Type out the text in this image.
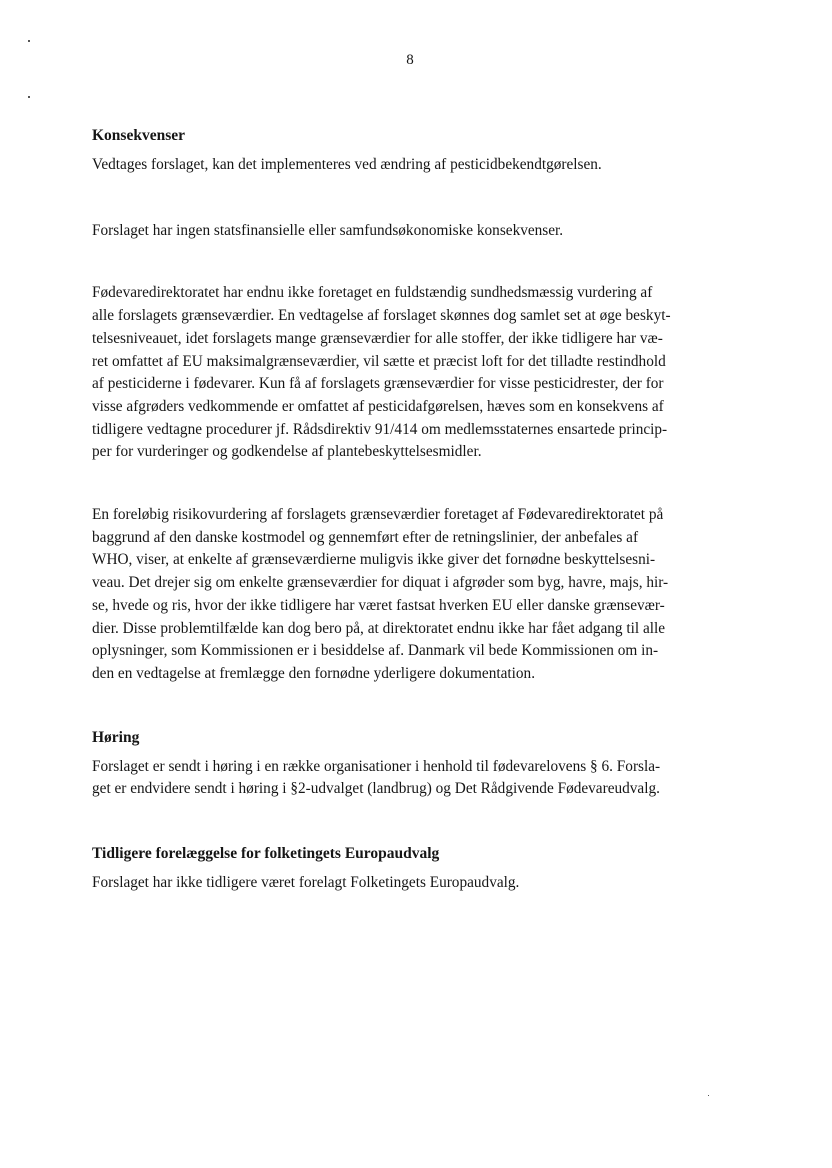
8
Konsekvenser

Vedtages forslaget, kan det implementeres ved ændring af pesticidbekendtgørelsen.

Forslaget har ingen statsfinansielle eller samfundsøkonomiske konsekvenser.

Fødevaredirektoratet har endnu ikke foretaget en fuldstændig sundhedsmæssig vurdering af
alle forslagets grænseværdier. En vedtagelse af forslaget skønnes dog samlet set at øge beskyt-
telsesniveauet, idet forslagets mange grænseværdier for alle stoffer, der ikke tidligere har væ-
ret omfattet af EU maksimalgrænseværdier, vil sætte et præcist loft for det tilladte restindhold
af pesticiderne i fødevarer. Kun få af forslagets grænseværdier for visse pesticidrester, der for
visse afgrøders vedkommende er omfattet af pesticidafgørelsen, hæves som en konsekvens af
tidligere vedtagne procedurer jf. Rådsdirektiv 91/414 om medlemsstaternes ensartede princip-
per for vurderinger og godkendelse af plantebeskyttelsesmidler.

En foreløbig risikovurdering af forslagets grænseværdier foretaget af Fødevaredirektoratet på
baggrund af den danske kostmodel og gennemført efter de retningslinier, der anbefales af
WHO, viser, at enkelte af grænseværdierne muligvis ikke giver det fornødne beskyttelsesni-
veau. Det drejer sig om enkelte grænseværdier for diquat i afgrøder som byg, havre, majs, hir-
se, hvede og ris, hvor der ikke tidligere har været fastsat hverken EU eller danske grænsevær-
dier. Disse problemtilfælde kan dog bero på, at direktoratet endnu ikke har fået adgang til alle
oplysninger, som Kommissionen er i besiddelse af. Danmark vil bede Kommissionen om in-
den en vedtagelse at fremlægge den fornødne yderligere dokumentation.

Høring

Forslaget er sendt i høring i en række organisationer i henhold til fødevarelovens § 6. Forsla-
get er endvidere sendt i høring i §2-udvalget (landbrug) og Det Rådgivende Fødevareudvalg.

Tidligere forelæggelse for folketingets Europaudvalg

Forslaget har ikke tidligere været forelagt Folketingets Europaudvalg.
